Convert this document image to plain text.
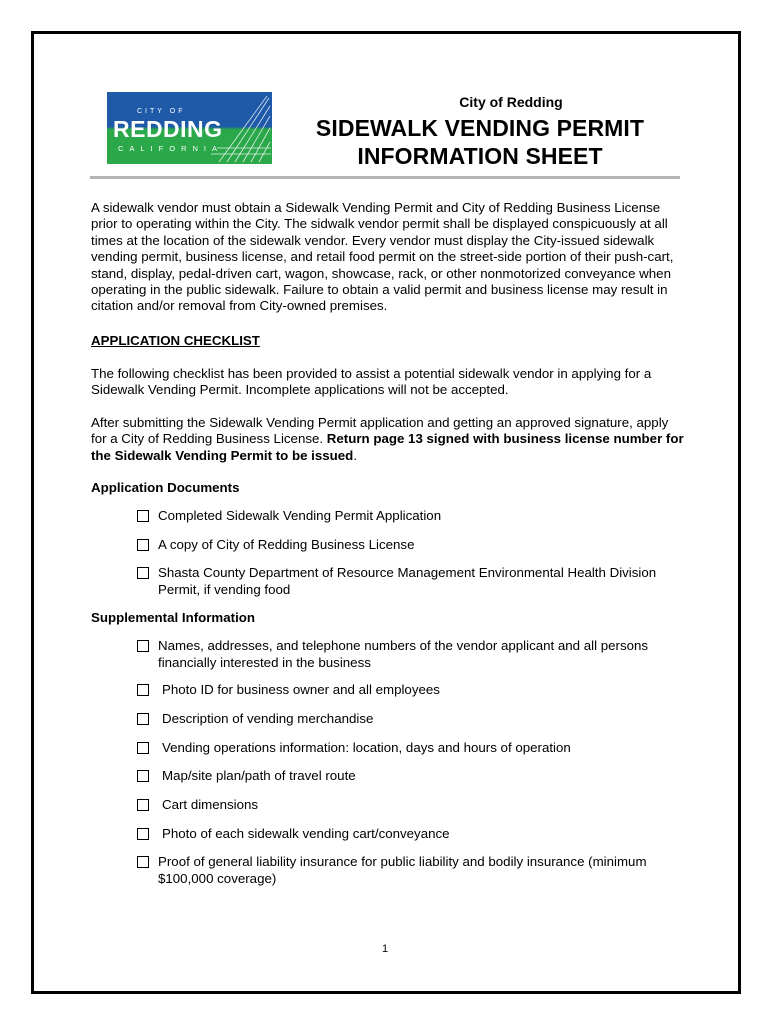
CITY OF
REDDING
CALIFORNIA
City of Redding
SIDEWALK VENDING PERMIT
INFORMATION SHEET
A sidewalk vendor must obtain a Sidewalk Vending Permit and City of Redding Business License prior to operating within the City. The sidwalk vendor permit shall be displayed conspicuously at all times at the location of the sidewalk vendor. Every vendor must display the City-issued sidewalk vending permit, business license, and retail food permit on the street-side portion of their push-cart, stand, display, pedal-driven cart, wagon, showcase, rack, or other nonmotorized conveyance when operating in the public sidewalk. Failure to obtain a valid permit and business license may result in citation and/or removal from City-owned premises.
APPLICATION CHECKLIST
The following checklist has been provided to assist a potential sidewalk vendor in applying for a Sidewalk Vending Permit. Incomplete applications will not be accepted.
After submitting the Sidewalk Vending Permit application and getting an approved signature, apply for a City of Redding Business License. Return page 13 signed with business license number for the Sidewalk Vending Permit to be issued.
Application Documents
Completed Sidewalk Vending Permit Application
A copy of City of Redding Business License
Shasta County Department of Resource Management Environmental Health Division Permit, if vending food
Supplemental Information
Names, addresses, and telephone numbers of the vendor applicant and all persons financially interested in the business
Photo ID for business owner and all employees
Description of vending merchandise
Vending operations information: location, days and hours of operation
Map/site plan/path of travel route
Cart dimensions
Photo of each sidewalk vending cart/conveyance
Proof of general liability insurance for public liability and bodily insurance (minimum $100,000 coverage)
1
